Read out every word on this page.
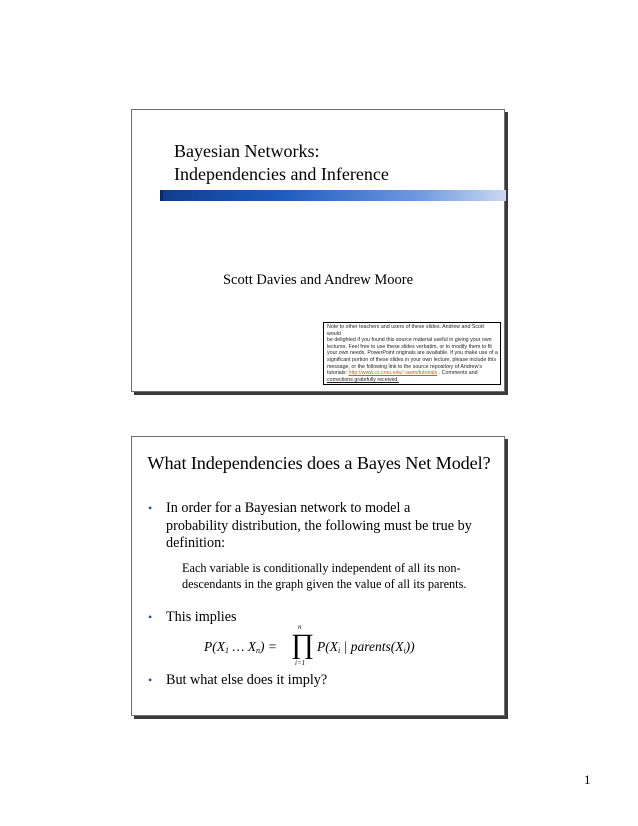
Bayesian Networks:
Independencies and Inference
Scott Davies and Andrew Moore
Note to other teachers and users of these slides. Andrew and Scott would
be delighted if you found this source material useful in giving your own
lectures. Feel free to use these slides verbatim, or to modify them to fit
your own needs. PowerPoint originals are available. If you make use of a
significant portion of these slides in your own lecture, please include this
message, or the following link to the source repository of Andrew's
tutorials: http://www.cs.cmu.edu/~awm/tutorials . Comments and
corrections gratefully received.
What Independencies does a Bayes Net Model?
• In order for a Bayesian network to model a
probability distribution, the following must be true by
definition:
Each variable is conditionally independent of all its non-
descendants in the graph given the value of all its parents.
• This implies
P(X1 … Xn) =
n
∏
i=1
P(Xi | parents(Xi))
• But what else does it imply?
1
